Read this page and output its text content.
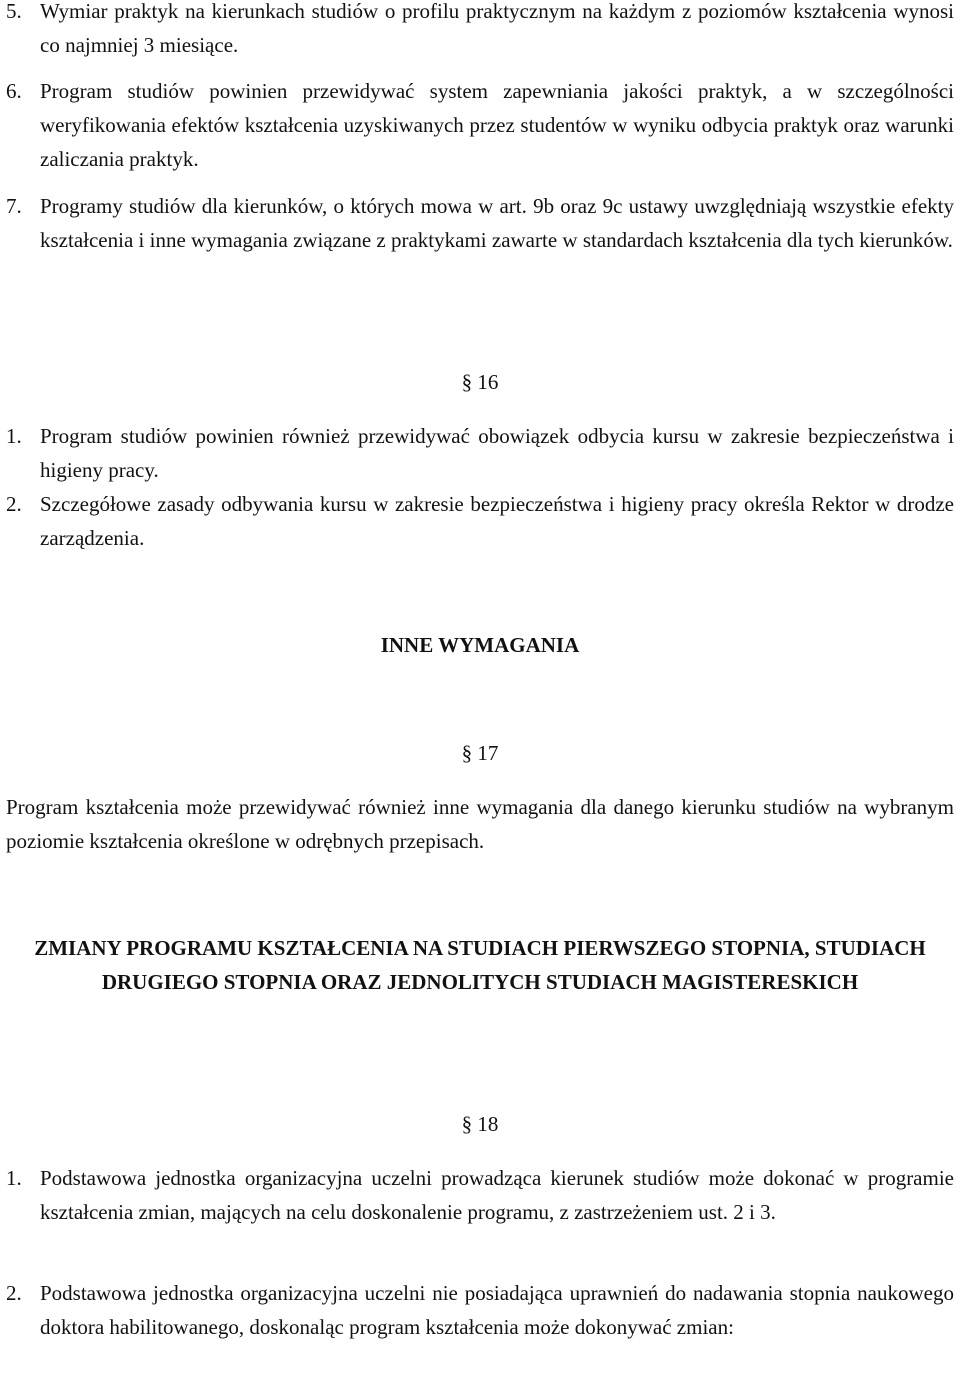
5. Wymiar praktyk na kierunkach studiów o profilu praktycznym na każdym z poziomów kształcenia wynosi co najmniej 3 miesiące.
6. Program studiów powinien przewidywać system zapewniania jakości praktyk, a w szczególności weryfikowania efektów kształcenia uzyskiwanych przez studentów w wyniku odbycia praktyk oraz warunki zaliczania praktyk.
7. Programy studiów dla kierunków, o których mowa w art. 9b oraz 9c ustawy uwzględniają wszystkie efekty kształcenia i inne wymagania związane z praktykami zawarte w standardach kształcenia dla tych kierunków.
§ 16
1. Program studiów powinien również przewidywać obowiązek odbycia kursu w zakresie bezpieczeństwa i higieny pracy.
2. Szczegółowe zasady odbywania kursu w zakresie bezpieczeństwa i higieny pracy określa Rektor w drodze zarządzenia.
INNE WYMAGANIA
§ 17
Program kształcenia może przewidywać również inne wymagania dla danego kierunku studiów na wybranym poziomie kształcenia określone w odrębnych przepisach.
ZMIANY PROGRAMU KSZTAŁCENIA NA STUDIACH PIERWSZEGO STOPNIA, STUDIACH DRUGIEGO STOPNIA ORAZ JEDNOLITYCH STUDIACH MAGISTERESKICH
§ 18
1. Podstawowa jednostka organizacyjna uczelni prowadząca kierunek studiów może dokonać w programie kształcenia zmian, mających na celu doskonalenie programu, z zastrzeżeniem ust. 2 i 3.
2. Podstawowa jednostka organizacyjna uczelni nie posiadająca uprawnień do nadawania stopnia naukowego doktora habilitowanego, doskonaląc program kształcenia może dokonywać zmian:
